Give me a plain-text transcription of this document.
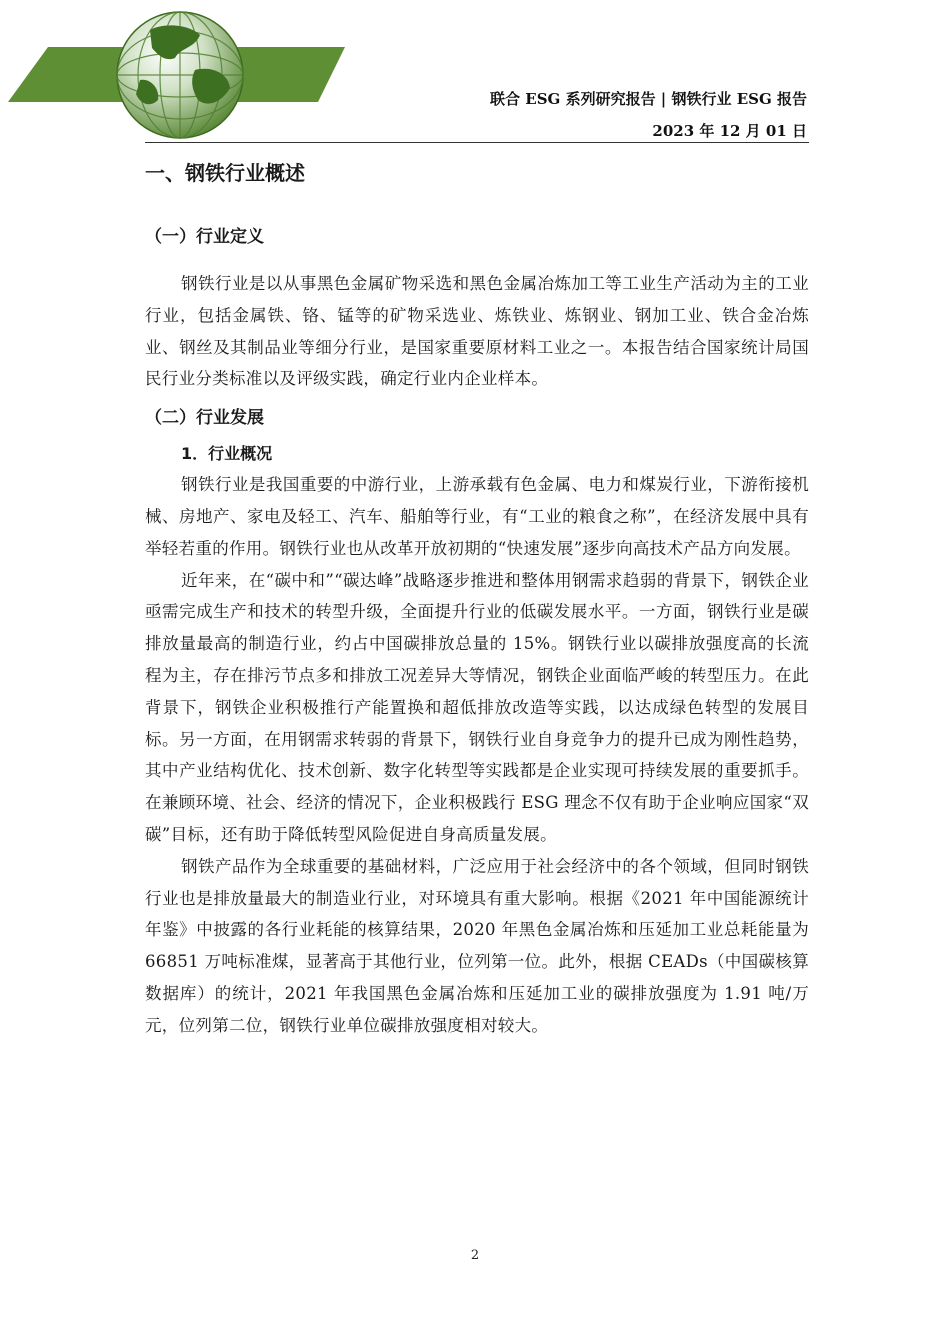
联合 ESG 系列研究报告 | 钢铁行业 ESG 报告
2023 年 12 月 01 日
一、钢铁行业概述
（一）行业定义

钢铁行业是以从事黑色金属矿物采选和黑色金属冶炼加工等工业生产活动为主的工业行业，包括金属铁、铬、锰等的矿物采选业、炼铁业、炼钢业、钢加工业、铁合金冶炼业、钢丝及其制品业等细分行业，是国家重要原材料工业之一。本报告结合国家统计局国民行业分类标准以及评级实践，确定行业内企业样本。

（二）行业发展
1．行业概况

钢铁行业是我国重要的中游行业，上游承载有色金属、电力和煤炭行业，下游衔接机械、房地产、家电及轻工、汽车、船舶等行业，有“工业的粮食之称”，在经济发展中具有举轻若重的作用。钢铁行业也从改革开放初期的“快速发展”逐步向高技术产品方向发展。

近年来，在“碳中和”“碳达峰”战略逐步推进和整体用钢需求趋弱的背景下，钢铁企业亟需完成生产和技术的转型升级，全面提升行业的低碳发展水平。一方面，钢铁行业是碳排放量最高的制造行业，约占中国碳排放总量的 15%。钢铁行业以碳排放强度高的长流程为主，存在排污节点多和排放工况差异大等情况，钢铁企业面临严峻的转型压力。在此背景下，钢铁企业积极推行产能置换和超低排放改造等实践，以达成绿色转型的发展目标。另一方面，在用钢需求转弱的背景下，钢铁行业自身竞争力的提升已成为刚性趋势，其中产业结构优化、技术创新、数字化转型等实践都是企业实现可持续发展的重要抓手。在兼顾环境、社会、经济的情况下，企业积极践行 ESG 理念不仅有助于企业响应国家“双碳”目标，还有助于降低转型风险促进自身高质量发展。

钢铁产品作为全球重要的基础材料，广泛应用于社会经济中的各个领域，但同时钢铁行业也是排放量最大的制造业行业，对环境具有重大影响。根据《2021 年中国能源统计年鉴》中披露的各行业耗能的核算结果，2020 年黑色金属冶炼和压延加工业总耗能量为 66851 万吨标准煤，显著高于其他行业，位列第一位。此外，根据 CEADs（中国碳核算数据库）的统计，2021 年我国黑色金属冶炼和压延加工业的碳排放强度为 1.91 吨/万元，位列第二位，钢铁行业单位碳排放强度相对较大。

2
